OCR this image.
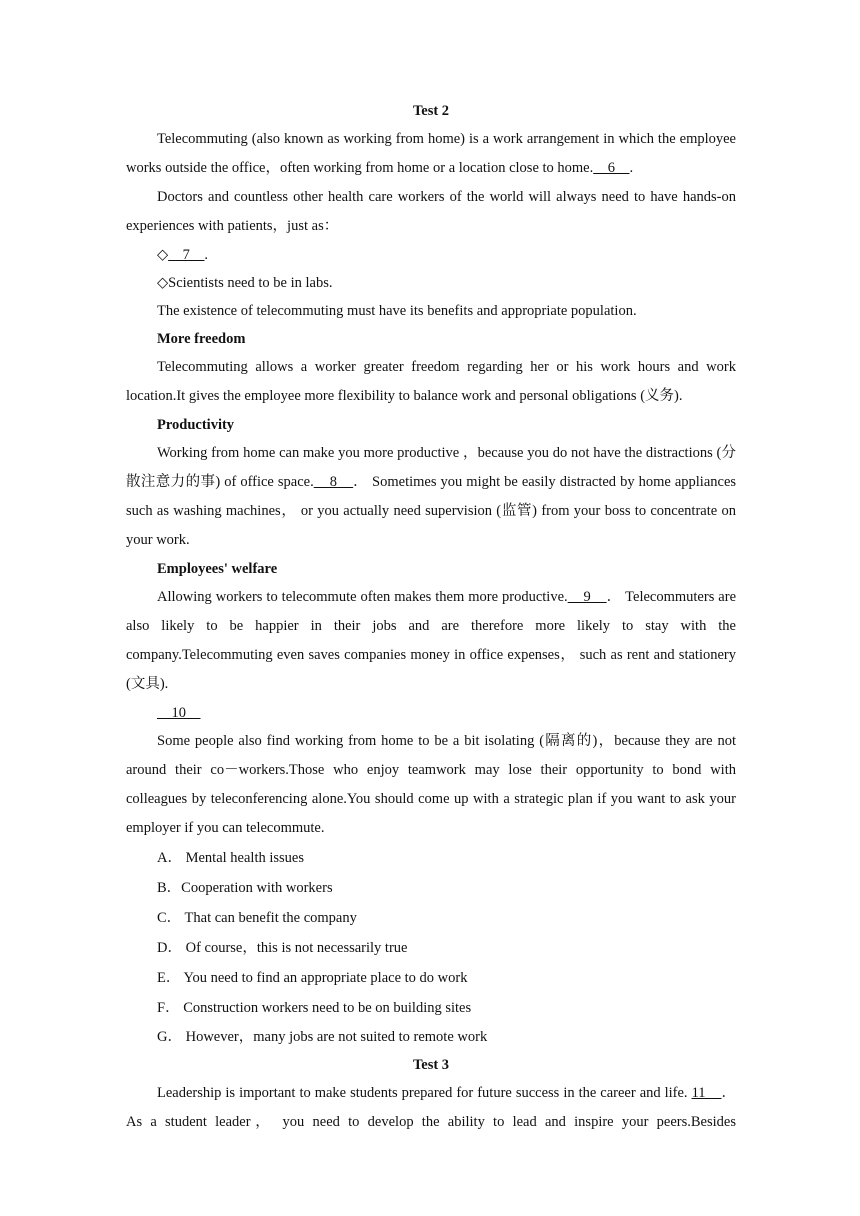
Test 2

Telecommuting (also known as working from home) is a work arrangement in which the employee works outside the office，often working from home or a location close to home.    6    .

Doctors and countless other health care workers of the world will always need to have hands-on experiences with patients，just as：

◇    7    .
◇Scientists need to be in labs.
The existence of telecommuting must have its benefits and appropriate population.
More freedom

Telecommuting allows a worker greater freedom regarding her or his work hours and work location.It gives the employee more flexibility to balance work and personal obligations (义务).

Productivity

Working from home can make you more productive ，because you do not have the distractions (分散注意力的事) of office space.    8    ． Sometimes you might be easily distracted by home appliances such as washing machines， or you actually need supervision (监管) from your boss to concentrate on your work.

Employees' welfare

Allowing workers to telecommute often makes them more productive.    9    ． Telecommuters are also likely to be happier in their jobs and are therefore more likely to stay with the company.Telecommuting even saves companies money in office expenses， such as rent and stationery (文具).

10

Some people also find working from home to be a bit isolating (隔离的)，because they are not around their co－workers.Those who enjoy teamwork may lose their opportunity to bond with colleagues by teleconferencing alone.You should come up with a strategic plan if you want to ask your employer if you can telecommute.

A． Mental health issues
B．Cooperation with workers
C． That can benefit the company
D． Of course，this is not necessarily true
E． You need to find an appropriate place to do work
F． Construction workers need to be on building sites
G． However，many jobs are not suited to remote work
Test 3

Leadership is important to make students prepared for future success in the career and life. 11    ． As a student leader， you need to develop the ability to lead and inspire your peers.Besides
